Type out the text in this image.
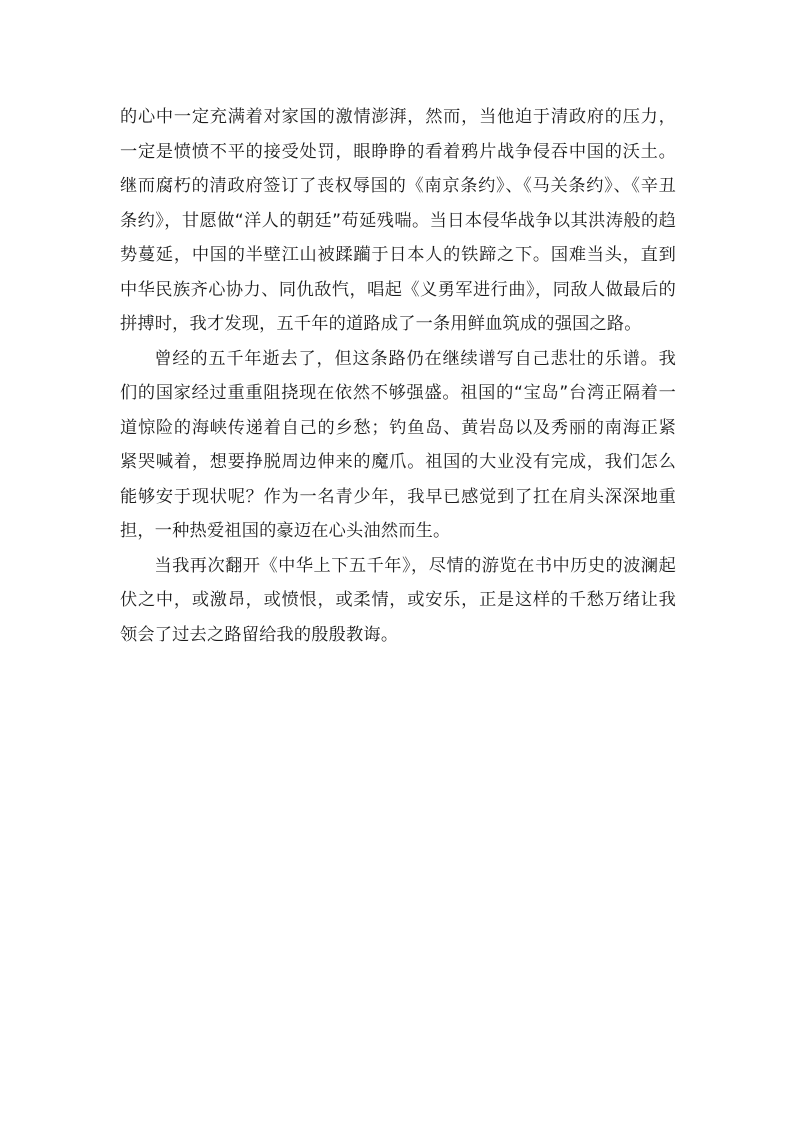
的心中一定充满着对家国的激情澎湃，然而，当他迫于清政府的压力，一定是愤愤不平的接受处罚，眼睁睁的看着鸦片战争侵吞中国的沃土。继而腐朽的清政府签订了丧权辱国的《南京条约》、《马关条约》、《辛丑条约》，甘愿做“洋人的朝廷”苟延残喘。当日本侵华战争以其洪涛般的趋势蔓延，中国的半壁江山被蹂躏于日本人的铁蹄之下。国难当头，直到中华民族齐心协力、同仇敌忾，唱起《义勇军进行曲》，同敌人做最后的拼搏时，我才发现，五千年的道路成了一条用鲜血筑成的强国之路。

曾经的五千年逝去了，但这条路仍在继续谱写自己悲壮的乐谱。我们的国家经过重重阻挠现在依然不够强盛。祖国的“宝岛”台湾正隔着一道惊险的海峡传递着自己的乡愁；钓鱼岛、黄岩岛以及秀丽的南海正紧紧哭喊着，想要挣脱周边伸来的魔爪。祖国的大业没有完成，我们怎么能够安于现状呢？作为一名青少年，我早已感觉到了扛在肩头深深地重担，一种热爱祖国的豪迈在心头油然而生。

当我再次翻开《中华上下五千年》，尽情的游览在书中历史的波澜起伏之中，或激昂，或愤恨，或柔情，或安乐，正是这样的千愁万绪让我领会了过去之路留给我的殷殷教诲。
